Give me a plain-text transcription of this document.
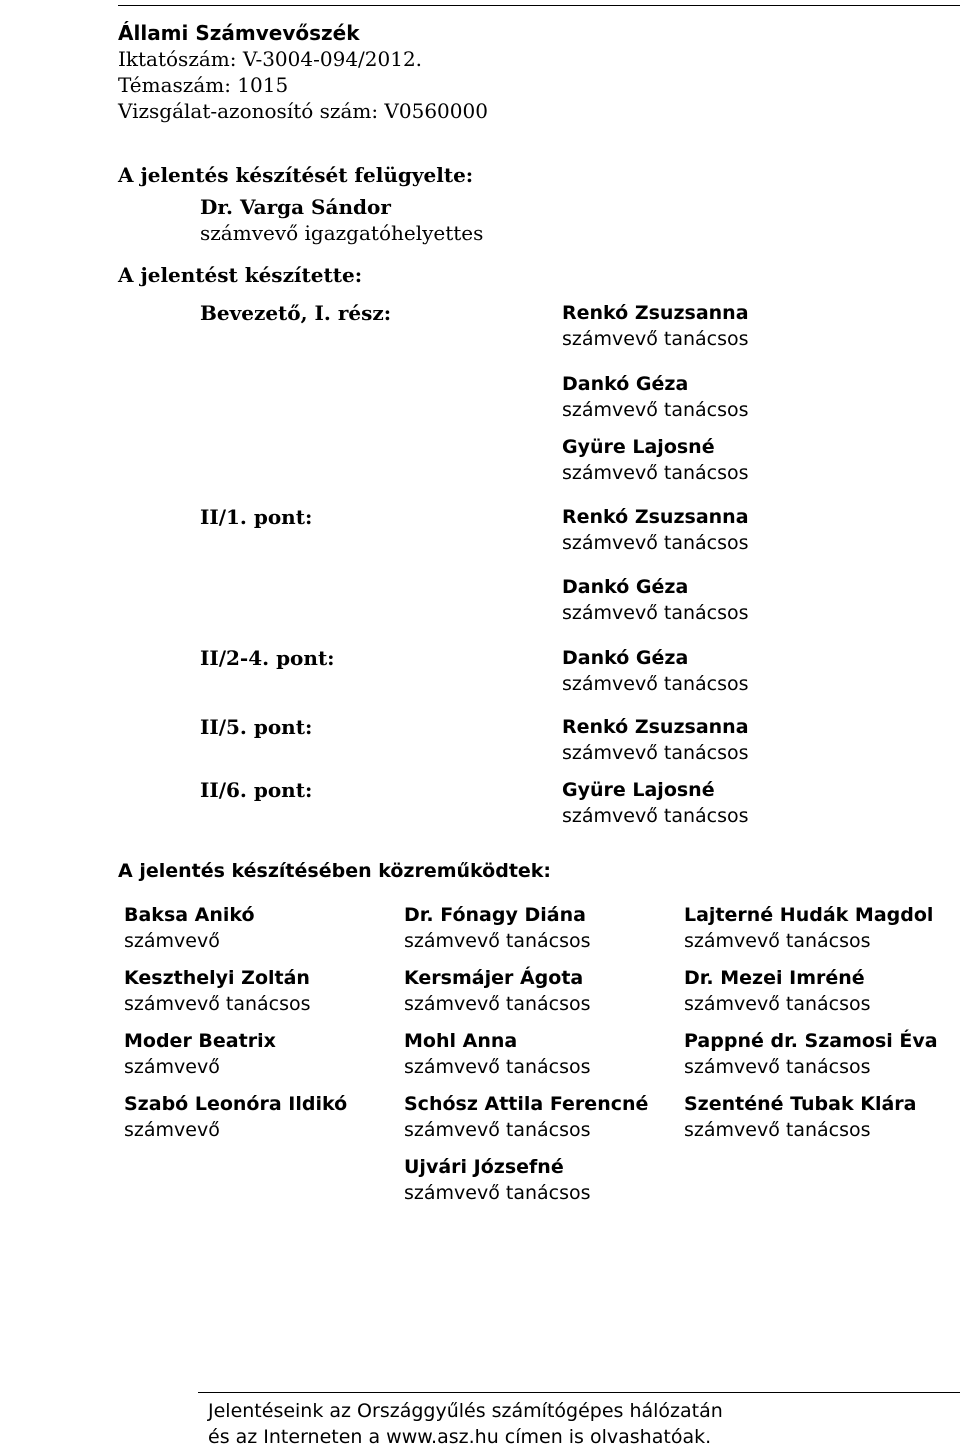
Állami Számvevőszék
Iktatószám: V-3004-094/2012.
Témaszám: 1015
Vizsgálat-azonosító szám: V0560000
A jelentés készítését felügyelte:
Dr. Varga Sándor
számvevő igazgatóhelyettes
A jelentést készítette:
Bevezető, I. rész:
II/1. pont:
II/2-4. pont:
II/5. pont:
II/6. pont:
Renkó Zsuzsanna
számvevő tanácsos
Dankó Géza
számvevő tanácsos
Gyüre Lajosné
számvevő tanácsos
Renkó Zsuzsanna
számvevő tanácsos
Dankó Géza
számvevő tanácsos
Dankó Géza
számvevő tanácsos
Renkó Zsuzsanna
számvevő tanácsos
Gyüre Lajosné
számvevő tanácsos
A jelentés készítésében közreműködtek:
Baksa Anikó
számvevő
Keszthelyi Zoltán
számvevő tanácsos
Moder Beatrix
számvevő
Szabó Leonóra Ildikó
számvevő
Dr. Fónagy Diána
számvevő tanácsos
Kersmájer Ágota
számvevő tanácsos
Mohl Anna
számvevő tanácsos
Schósz Attila Ferencné
számvevő tanácsos
Ujvári Józsefné
számvevő tanácsos
Lajterné Hudák Magdol
számvevő tanácsos
Dr. Mezei Imréné
számvevő tanácsos
Pappné dr. Szamosi Éva
számvevő tanácsos
Szenténé Tubak Klára
számvevő tanácsos
Jelentéseink az Országgyűlés számítógépes hálózatán
és az Interneten a www.asz.hu címen is olvashatóak.
